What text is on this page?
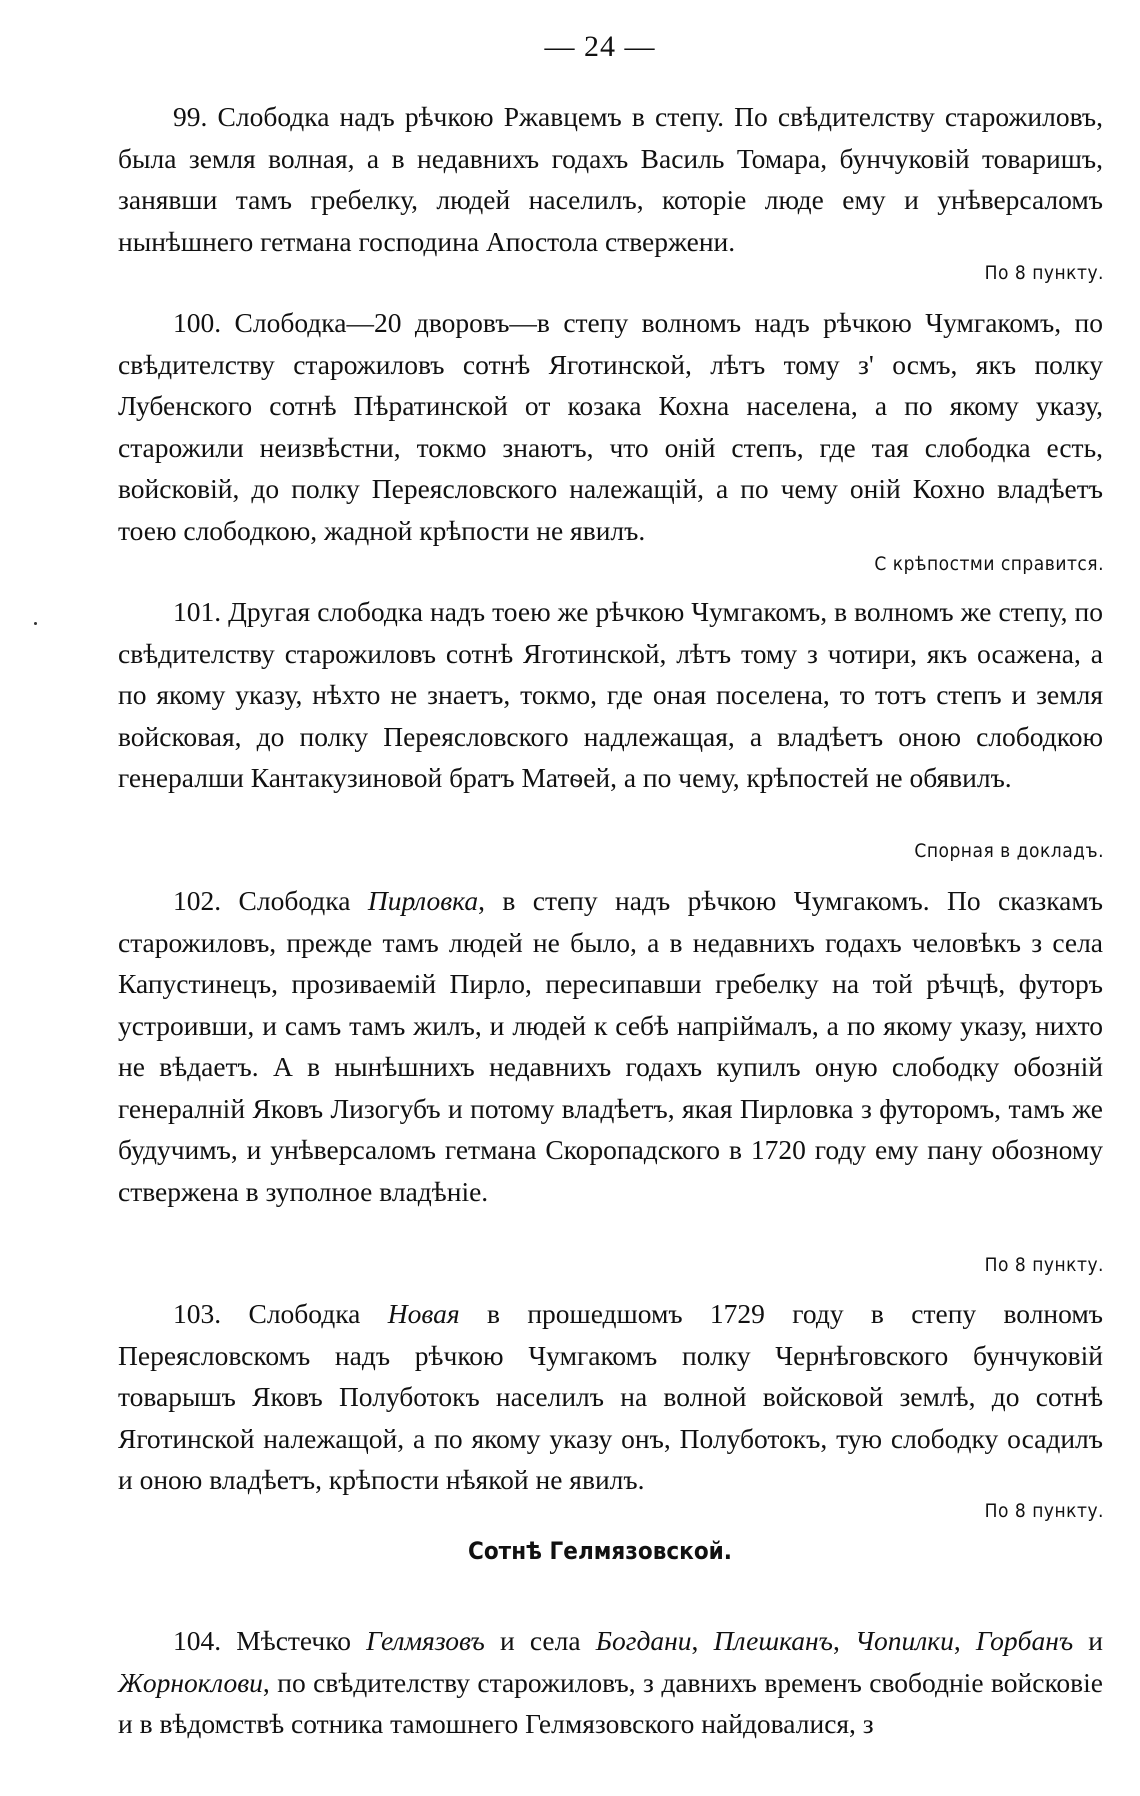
— 24 —

99. Слободка надъ рѣчкою Ржавцемъ в степу. По свѣдителству старожиловъ, была земля волная, а в недавнихъ годахъ Василь Томара, бунчуковій товаришъ, занявши тамъ гребелку, людей населилъ, которіе люде ему и унѣверсаломъ нынѣшнего гетмана господина Апостола ствержени.

По 8 пункту.

100. Слободка—20 дворовъ—в степу волномъ надъ рѣчкою Чумгакомъ, по свѣдителству старожиловъ сотнѣ Яготинской, лѣтъ тому з' осмъ, якъ полку Лубенского сотнѣ Пѣратинской от козака Кохна населена, а по якому указу, старожили неизвѣстни, токмо знаютъ, что оній степъ, где тая слободка есть, войсковій, до полку Переясловского належащій, а по чему оній Кохно владѣетъ тоею слободкою, жадной крѣпости не явилъ.

С крѣпостми справится.

101. Другая слободка надъ тоею же рѣчкою Чумгакомъ, в волномъ же степу, по свѣдителству старожиловъ сотнѣ Яготинской, лѣтъ тому з чотири, якъ осажена, а по якому указу, нѣхто не знаетъ, токмо, где оная поселена, то тотъ степъ и земля войсковая, до полку Переясловского надлежащая, а владѣетъ оною слободкою генералши Кантакузиновой братъ Матѳей, а по чему, крѣпостей не обявилъ.

Спорная в докладъ.

102. Слободка Пирловка, в степу надъ рѣчкою Чумгакомъ. По сказкамъ старожиловъ, прежде тамъ людей не было, а в недавнихъ годахъ человѣкъ з села Капустинецъ, прозиваемій Пирло, пересипавши гребелку на той рѣчцѣ, футоръ устроивши, и самъ тамъ жилъ, и людей к себѣ напріймалъ, а по якому указу, нихто не вѣдаетъ. А в нынѣшнихъ недавнихъ годахъ купилъ оную слободку обозній генералній Яковъ Лизогубъ и потому владѣетъ, якая Пирловка з футоромъ, тамъ же будучимъ, и унѣверсаломъ гетмана Скоропадского в 1720 году ему пану обозному ствержена в зуполное владѣніе.

По 8 пункту.

103. Слободка Новая в прошедшомъ 1729 году в степу волномъ Переясловскомъ надъ рѣчкою Чумгакомъ полку Чернѣговского бунчуковій товарышъ Яковъ Полуботокъ населилъ на волной войсковой землѣ, до сотнѣ Яготинской належащой, а по якому указу онъ, Полуботокъ, тую слободку осадилъ и оною владѣетъ, крѣпости нѣякой не явилъ.

По 8 пункту.
Сотнѣ Гелмязовской.

104. Мѣстечко Гелмязовъ и села Богдани, Плешканъ, Чопилки, Горбанъ и Жорноклови, по свѣдителству старожиловъ, з давнихъ временъ свободніе войсковіе и в вѣдомствѣ сотника тамошнего Гелмязовского найдовалися, з
